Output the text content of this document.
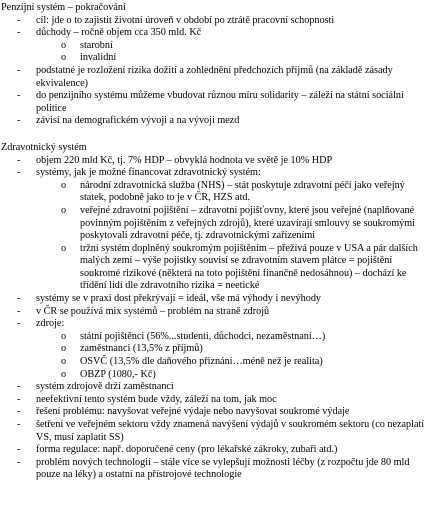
Penzijní systém – pokračování
- cíl: jde o to zajistit životní úroveň v období po ztrátě pracovní schopnosti
- důchody – ročně objem cca 350 mld. Kč
o starobní
o invalidní
- podstatné je rozložení rizika dožití a zohlednění předchozích příjmů (na základě zásady ekvivalence)
- do penzijního systému můžeme vbudovat různou míru solidarity – záleží na státní sociální politice
- závisí na demografickém vývoji a na vývoji mezd
Zdravotnický systém
- objem 220 mld Kč, tj. 7% HDP – obvyklá hodnota ve světě je 10% HDP
- systémy, jak je možné financovat zdravotnický systém:
o národní zdravotnická služba (NHS) – stát poskytuje zdravotní péči jako veřejný statek, podobně jako to je v ČR, HZS atd.
o veřejné zdravotní pojištění – zdravotní pojišťovny, které jsou veřejné (naplňované povinným pojištěním z veřejných zdrojů), které uzavírají smlouvy se soukromými poskytovali zdravotní péče, tj. zdravotnickými zařízeními
o tržní systém doplněný soukromým pojištěním – přežívá pouze v USA a pár dalších malých zemí – výše pojistky souvisí se zdravotním stavem plátce = pojištění soukromé rizikové (některá na toto pojištění finančně nedosáhnou) – dochází ke třídění lidí dle zdravotního rizika = neetické
- systémy se v praxi dost překrývají = ideál, vše má výhody i nevýhody
- v ČR se používá mix systémů – problém na straně zdrojů
- zdroje:
o státní pojištěnci (56%...studenti, důchodci, nezaměstnaní…)
o zaměstnanci (13,5% z příjmů)
o OSVČ (13,5% dle daňového přiznání…méně než je realita)
o OBZP (1080,- Kč)
- systém zdrojově drží zaměstnanci
- neefektivní tento systém bude vždy, záleží na tom, jak moc
- řešení problému: navyšovat veřejné výdaje nebo navyšovat soukromé výdaje
- šetření ve veřejném sektoru vždy znamená navýšení výdajů v soukromém sektoru (co nezaplatí VS, musí zaplatit SS)
- forma regulace: např. doporučené ceny (pro lékařské zákroky, zubaři atd.)
- problém nových technologií – stále více se vylepšují možnosti léčby (z rozpočtu jde 80 mld pouze na léky) a ostatní na přístrojové technologie
